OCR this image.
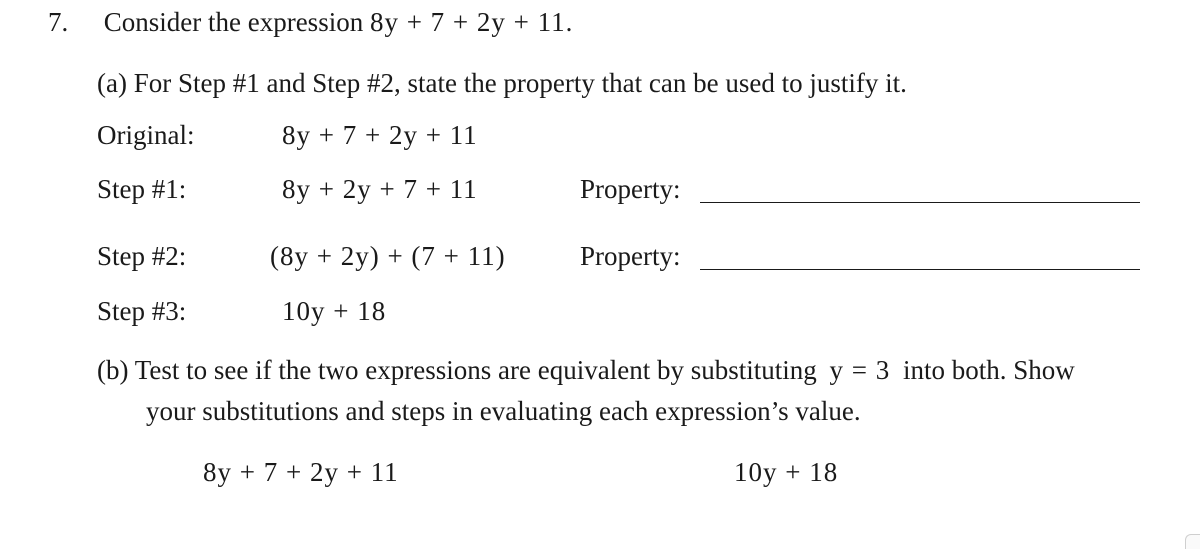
7. Consider the expression 8y + 7 + 2y + 11.
(a) For Step #1 and Step #2, state the property that can be used to justify it.
Original:	8y + 7 + 2y + 11
Step #1:	8y + 2y + 7 + 11	Property:
Step #2:	(8y + 2y) + (7 + 11)	Property:
Step #3:	10y + 18
(b) Test to see if the two expressions are equivalent by substituting y = 3 into both. Show
your substitutions and steps in evaluating each expression’s value.
8y + 7 + 2y + 11	10y + 18
